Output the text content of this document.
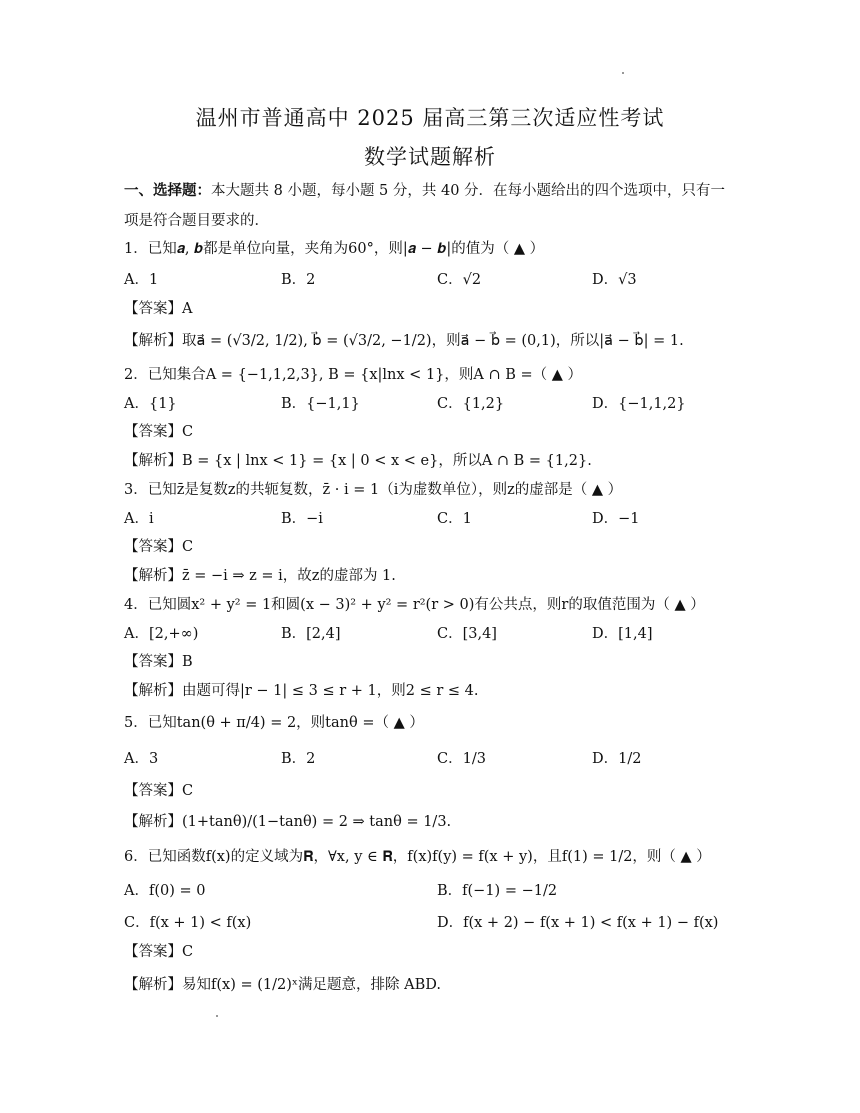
温州市普通高中 2025 届高三第三次适应性考试
数学试题解析
一、选择题：本大题共 8 小题，每小题 5 分，共 40 分．在每小题给出的四个选项中，只有一项是符合题目要求的．
1．已知𝒂, 𝒃都是单位向量，夹角为60°，则|𝒂 − 𝒃|的值为（ ▲ ）
A．1	B．2	C．√2	D．√3
【答案】A
【解析】取a⃗ = (√3/2, 1/2), b⃗ = (√3/2, −1/2)，则a⃗ − b⃗ = (0,1)，所以|a⃗ − b⃗| = 1.
2．已知集合A = {−1,1,2,3}, B = {x|lnx < 1}，则A ∩ B =（ ▲ ）
A．{1}	B．{−1,1}	C．{1,2}	D．{−1,1,2}
【答案】C
【解析】B = {x | lnx < 1} = {x | 0 < x < e}，所以A ∩ B = {1,2}.
3．已知z̄是复数z的共轭复数，z̄ · i = 1（i为虚数单位），则z的虚部是（ ▲ ）
A．i	B．−i	C．1	D．−1
【答案】C
【解析】z̄ = −i ⇒ z = i，故z的虚部为 1.
4．已知圆x² + y² = 1和圆(x − 3)² + y² = r²(r > 0)有公共点，则r的取值范围为（ ▲ ）
A．[2,+∞)	B．[2,4]	C．[3,4]	D．[1,4]
【答案】B
【解析】由题可得|r − 1| ≤ 3 ≤ r + 1，则2 ≤ r ≤ 4.
5．已知tan(θ + π/4) = 2，则tanθ =（ ▲ ）
A．3	B．2	C．1/3	D．1/2
【答案】C
【解析】(1+tanθ)/(1−tanθ) = 2 ⇒ tanθ = 1/3.
6．已知函数f(x)的定义域为𝐑，∀x, y ∈ 𝐑，f(x)f(y) = f(x + y)，且f(1) = 1/2，则（ ▲ ）
A．f(0) = 0	B．f(−1) = −1/2
C．f(x + 1) < f(x)	D．f(x + 2) − f(x + 1) < f(x + 1) − f(x)
【答案】C
【解析】易知f(x) = (1/2)ˣ满足题意，排除 ABD.
